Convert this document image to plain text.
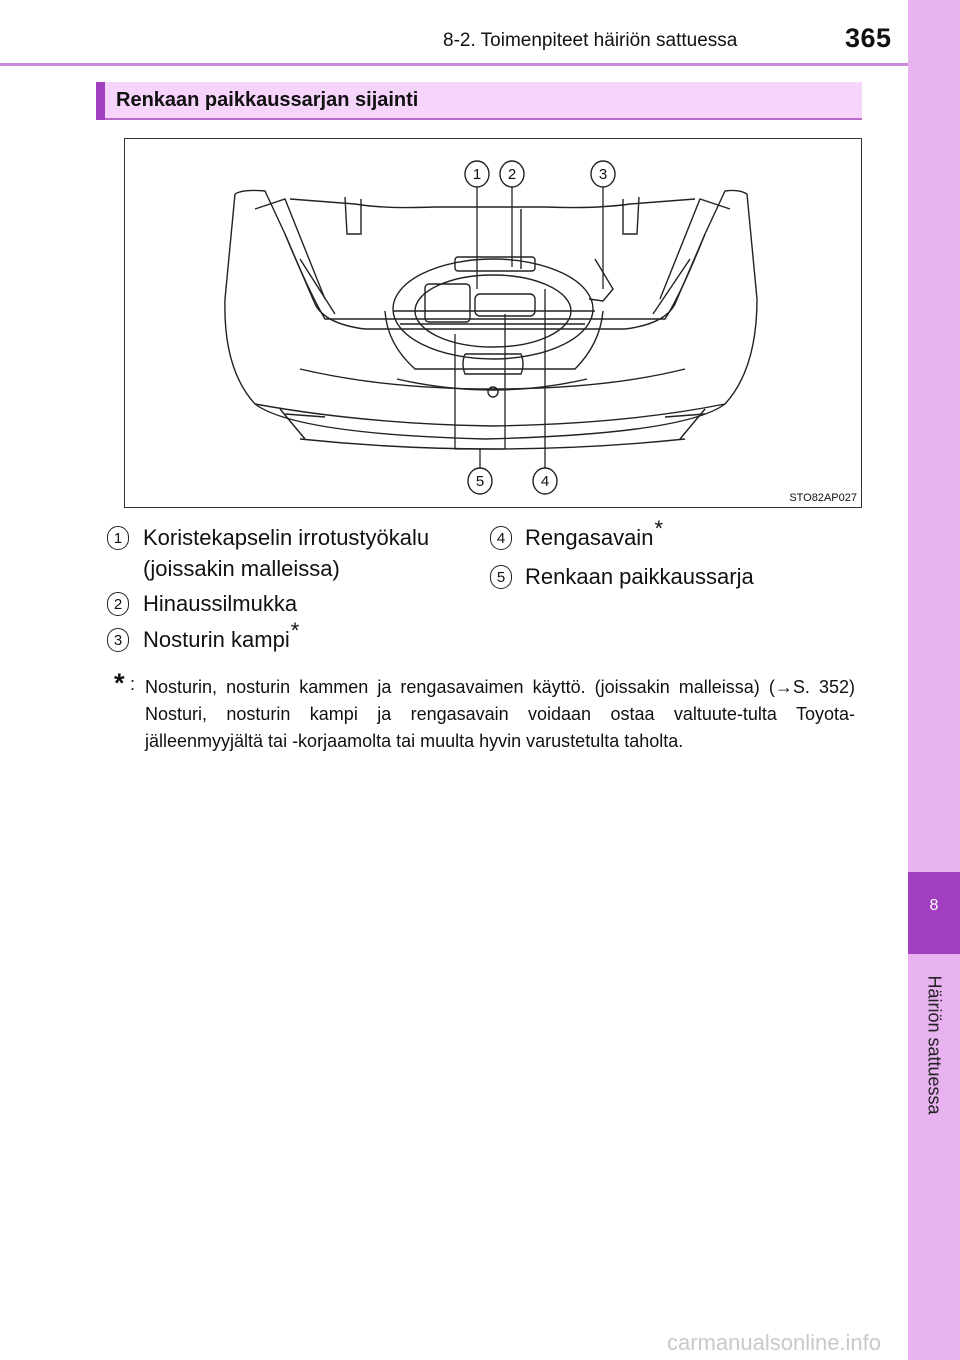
8-2. Toimenpiteet häiriön sattuessa	365
8
Häiriön sattuessa
Renkaan paikkaussarjan sijainti
1 2	3
4
5
STO82AP027
1 Koristekapselin irrotustyökalu
(joissakin malleissa)
2 Hinaussilmukka
3 Nosturin kampi*
4 Rengasavain*
5 Renkaan paikkaussarja
* : Nosturin, nosturin kammen ja rengasavaimen käyttö. (joissakin malleissa) (→S. 352) Nosturi, nosturin kampi ja rengasavain voidaan ostaa valtuute-tulta Toyota-jälleenmyyjältä tai -korjaamolta tai muulta hyvin varustetulta taholta.
carmanualsonline.info
